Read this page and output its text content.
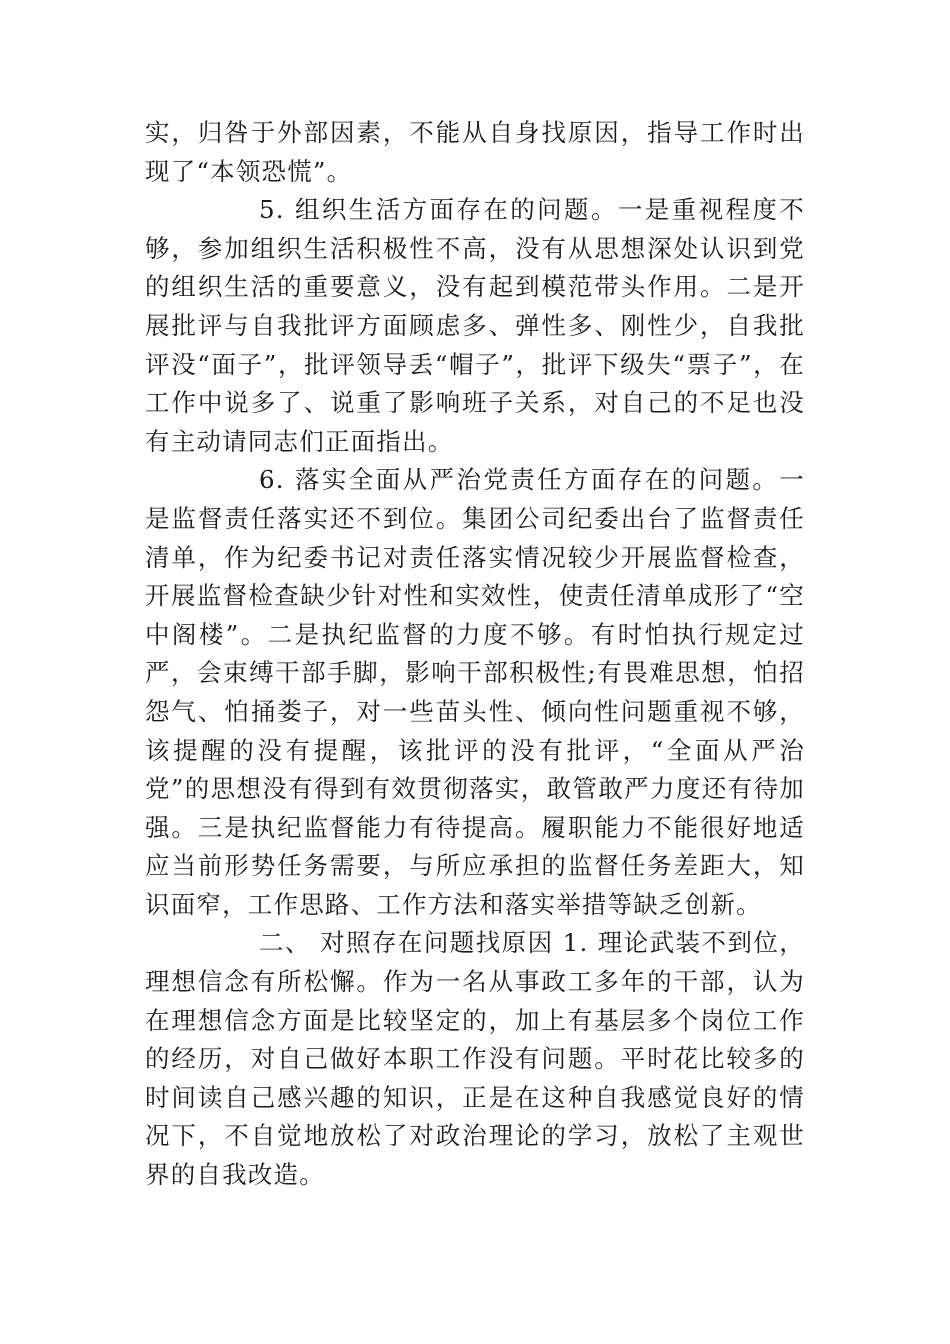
实，归咎于外部因素，不能从自身找原因，指导工作时出现了“本领恐慌”。

5. 组织生活方面存在的问题。一是重视程度不够，参加组织生活积极性不高，没有从思想深处认识到党的组织生活的重要意义，没有起到模范带头作用。二是开展批评与自我批评方面顾虑多、弹性多、刚性少，自我批评没“面子”，批评领导丢“帽子”，批评下级失“票子”，在工作中说多了、说重了影响班子关系，对自己的不足也没有主动请同志们正面指出。

6. 落实全面从严治党责任方面存在的问题。一是监督责任落实还不到位。集团公司纪委出台了监督责任清单，作为纪委书记对责任落实情况较少开展监督检查，开展监督检查缺少针对性和实效性，使责任清单成形了“空中阁楼”。二是执纪监督的力度不够。有时怕执行规定过严，会束缚干部手脚，影响干部积极性;有畏难思想，怕招怨气、怕捅娄子，对一些苗头性、倾向性问题重视不够，该提醒的没有提醒，该批评的没有批评，“全面从严治党”的思想没有得到有效贯彻落实，敢管敢严力度还有待加强。三是执纪监督能力有待提高。履职能力不能很好地适应当前形势任务需要，与所应承担的监督任务差距大，知识面窄，工作思路、工作方法和落实举措等缺乏创新。

二、 对照存在问题找原因 1. 理论武装不到位，理想信念有所松懈。作为一名从事政工多年的干部，认为在理想信念方面是比较坚定的，加上有基层多个岗位工作的经历，对自己做好本职工作没有问题。平时花比较多的时间读自己感兴趣的知识，正是在这种自我感觉良好的情况下，不自觉地放松了对政治理论的学习，放松了主观世界的自我改造。
